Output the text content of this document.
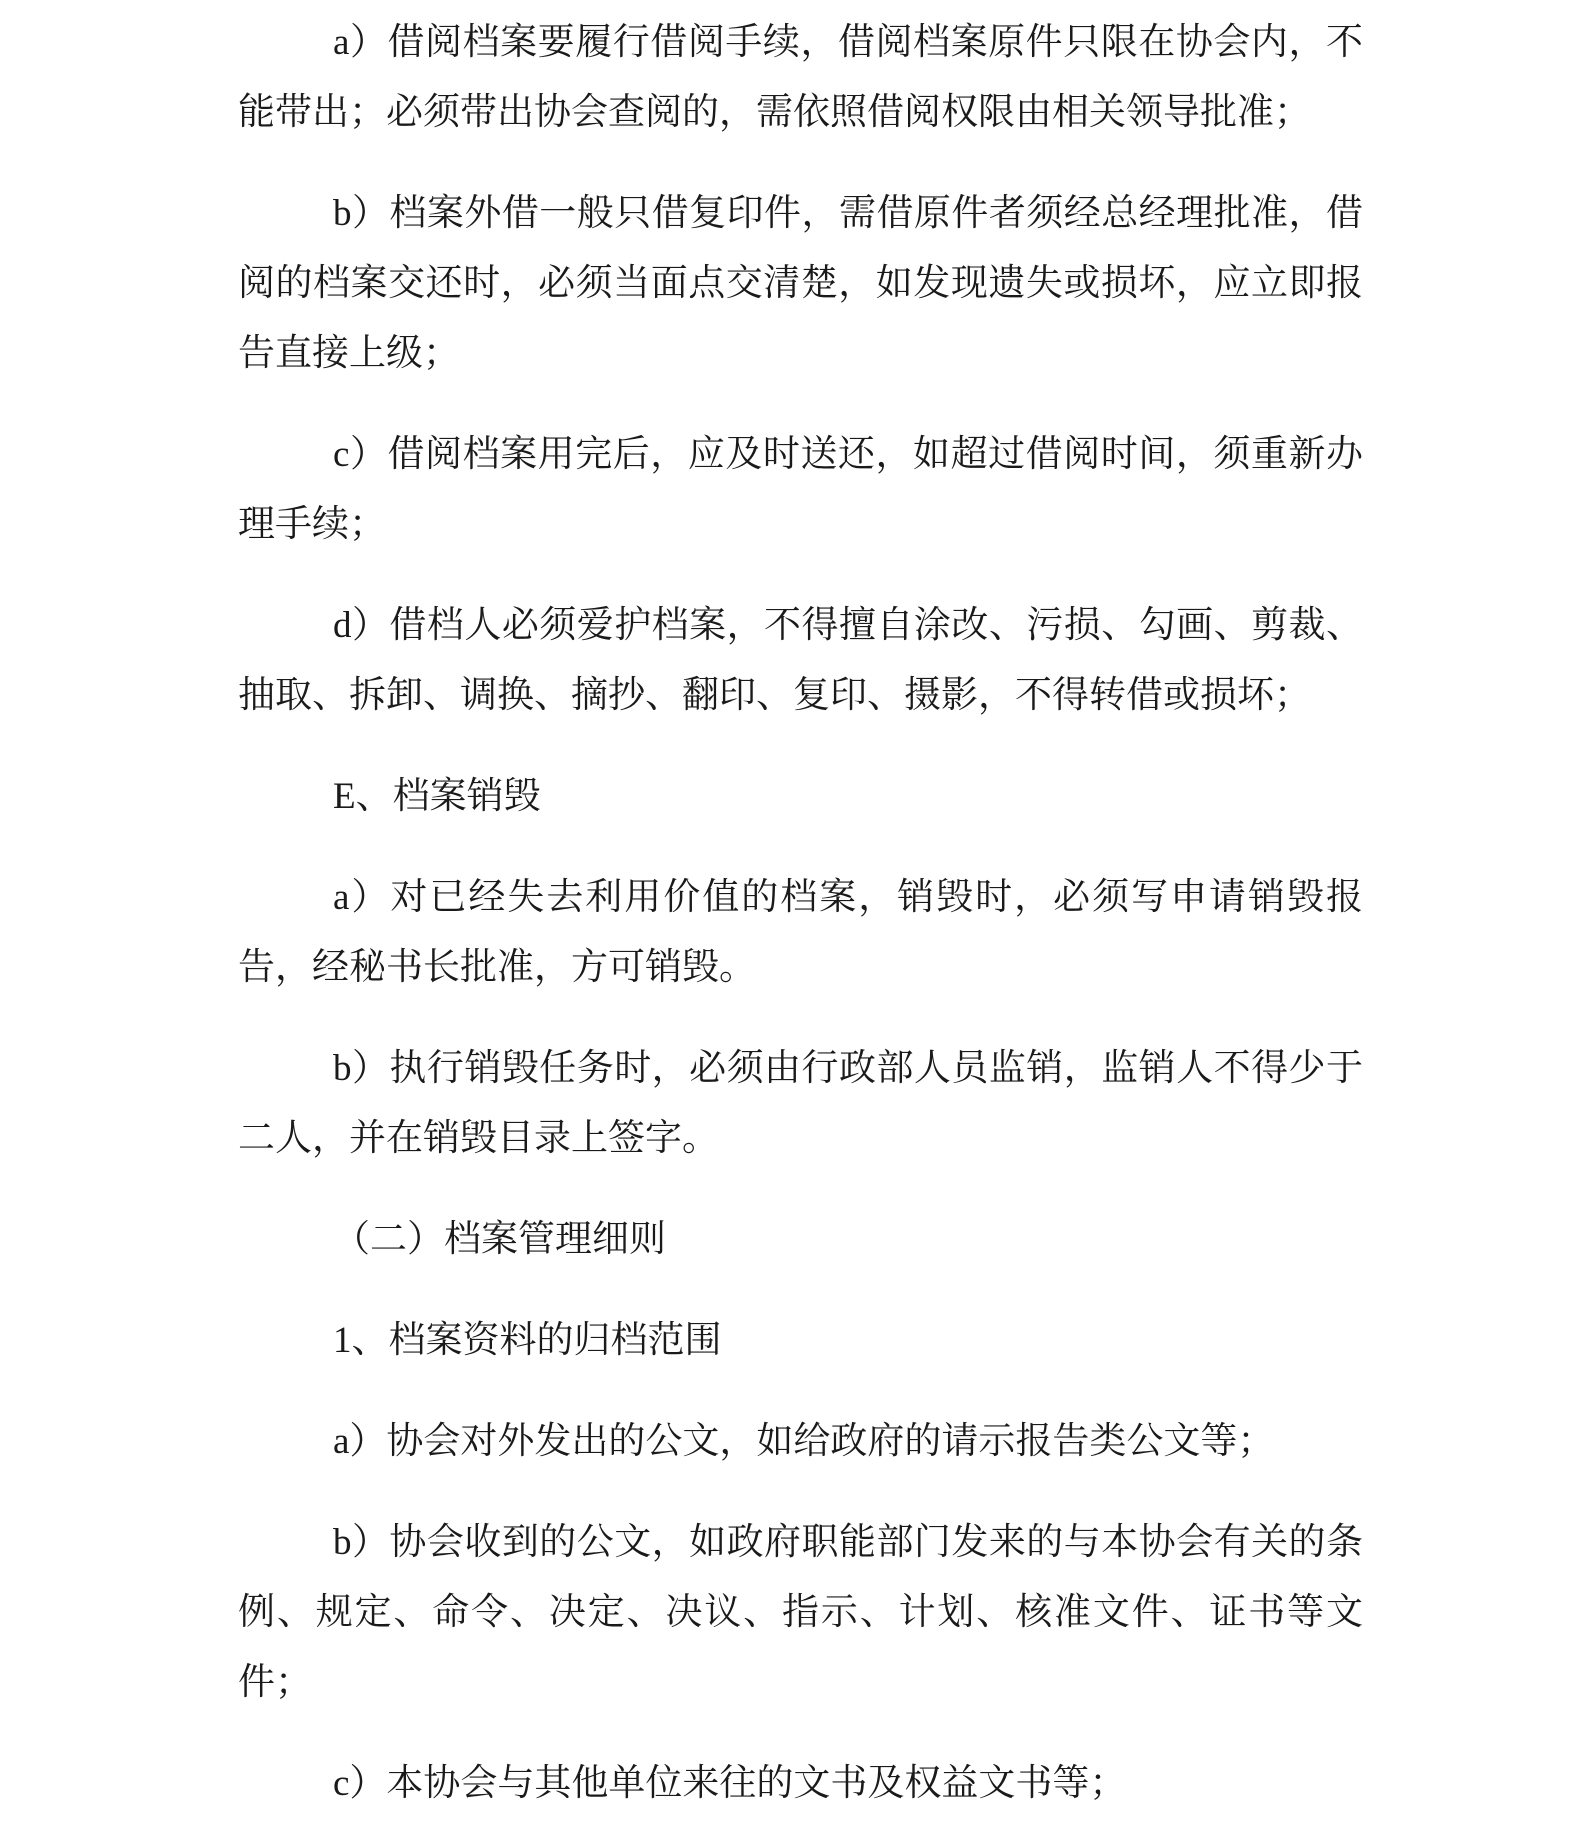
a）借阅档案要履行借阅手续，借阅档案原件只限在协会内，不能带出；必须带出协会查阅的，需依照借阅权限由相关领导批准；

b）档案外借一般只借复印件，需借原件者须经总经理批准，借阅的档案交还时，必须当面点交清楚，如发现遗失或损坏，应立即报告直接上级；

c）借阅档案用完后，应及时送还，如超过借阅时间，须重新办理手续；

d）借档人必须爱护档案，不得擅自涂改、污损、勾画、剪裁、抽取、拆卸、调换、摘抄、翻印、复印、摄影，不得转借或损坏；

E、档案销毁

a）对已经失去利用价值的档案，销毁时，必须写申请销毁报告，经秘书长批准，方可销毁。

b）执行销毁任务时，必须由行政部人员监销，监销人不得少于二人，并在销毁目录上签字。

（二）档案管理细则

1、档案资料的归档范围

a）协会对外发出的公文，如给政府的请示报告类公文等；

b）协会收到的公文，如政府职能部门发来的与本协会有关的条例、规定、命令、决定、决议、指示、计划、核准文件、证书等文件；

c）本协会与其他单位来往的文书及权益文书等；
